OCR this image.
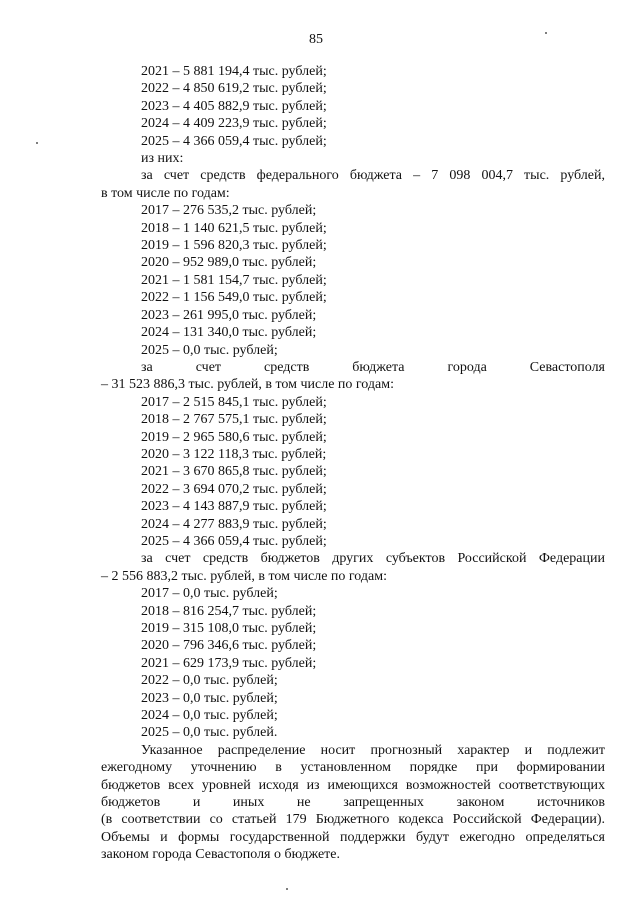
85
2021 – 5 881 194,4 тыс. рублей;
2022 – 4 850 619,2 тыс. рублей;
2023 – 4 405 882,9 тыс. рублей;
2024 – 4 409 223,9 тыс. рублей;
2025 – 4 366 059,4 тыс. рублей;
из них:
за счет средств федерального бюджета – 7 098 004,7 тыс. рублей,
в том числе по годам:
2017 – 276 535,2 тыс. рублей;
2018 – 1 140 621,5 тыс. рублей;
2019 – 1 596 820,3 тыс. рублей;
2020 – 952 989,0 тыс. рублей;
2021 – 1 581 154,7 тыс. рублей;
2022 – 1 156 549,0 тыс. рублей;
2023 – 261 995,0 тыс. рублей;
2024 – 131 340,0 тыс. рублей;
2025 – 0,0 тыс. рублей;
за	счет	средств	бюджета	города	Севастополя
– 31 523 886,3 тыс. рублей, в том числе по годам:
2017 – 2 515 845,1 тыс. рублей;
2018 – 2 767 575,1 тыс. рублей;
2019 – 2 965 580,6 тыс. рублей;
2020 – 3 122 118,3 тыс. рублей;
2021 – 3 670 865,8 тыс. рублей;
2022 – 3 694 070,2 тыс. рублей;
2023 – 4 143 887,9 тыс. рублей;
2024 – 4 277 883,9 тыс. рублей;
2025 – 4 366 059,4 тыс. рублей;
за счет средств бюджетов других субъектов Российской Федерации
– 2 556 883,2 тыс. рублей, в том числе по годам:
2017 – 0,0 тыс. рублей;
2018 – 816 254,7 тыс. рублей;
2019 – 315 108,0 тыс. рублей;
2020 – 796 346,6 тыс. рублей;
2021 – 629 173,9 тыс. рублей;
2022 – 0,0 тыс. рублей;
2023 – 0,0 тыс. рублей;
2024 – 0,0 тыс. рублей;
2025 – 0,0 тыс. рублей.
Указанное распределение носит прогнозный характер и подлежит
ежегодному уточнению в установленном порядке при формировании
бюджетов всех уровней исходя из имеющихся возможностей соответствующих
бюджетов и иных не запрещенных законом источников
(в соответствии со статьей 179 Бюджетного кодекса Российской Федерации).
Объемы и формы государственной поддержки будут ежегодно определяться
законом города Севастополя о бюджете.
